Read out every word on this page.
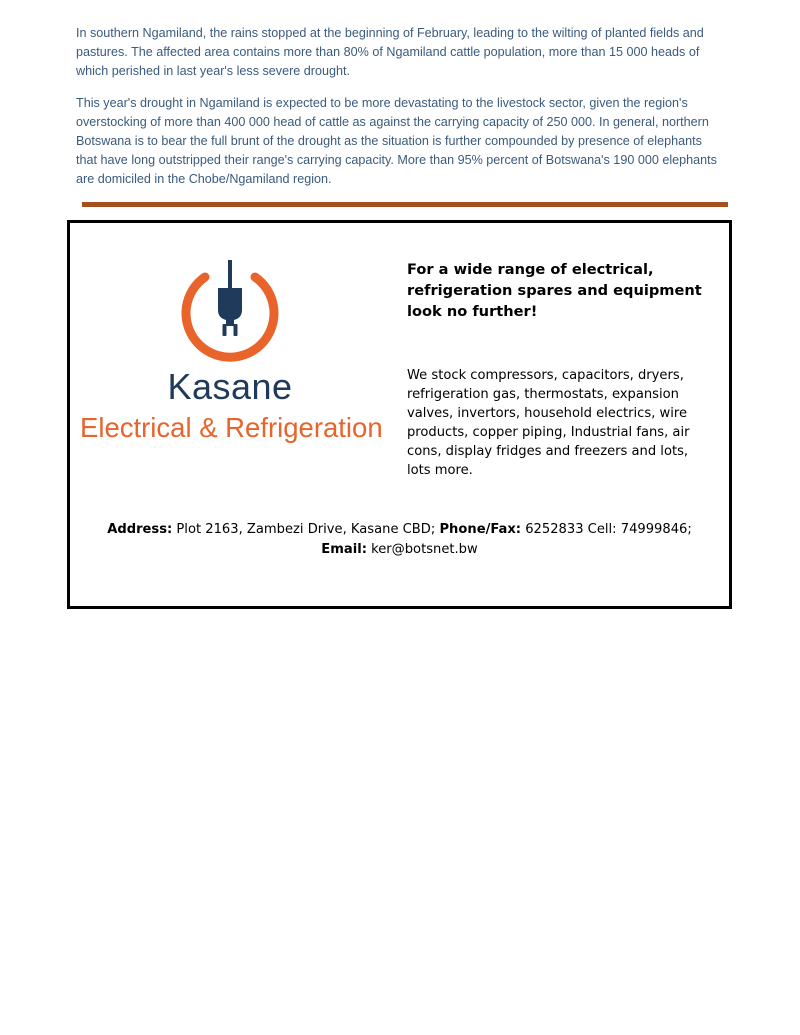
In southern Ngamiland, the rains stopped at the beginning of February, leading to the wilting of planted fields and pastures. The affected area contains more than 80% of Ngamiland cattle population, more than 15 000 heads of which perished in last year's less severe drought.

This year's drought in Ngamiland is expected to be more devastating to the livestock sector, given the region's overstocking of more than 400 000 head of cattle as against the carrying capacity of 250 000. In general, northern Botswana is to bear the full brunt of the drought as the situation is further compounded by presence of elephants that have long outstripped their range's carrying capacity. More than 95% percent of Botswana's 190 000 elephants are domiciled in the Chobe/Ngamiland region.

Kasane
Electrical & Refrigeration
For a wide range of electrical, refrigeration spares and equipment look no further!
We stock compressors, capacitors, dryers, refrigeration gas, thermostats, expansion valves, invertors, household electrics, wire products, copper piping, Industrial fans, air cons, display fridges and freezers and lots, lots more.
Address: Plot 2163, Zambezi Drive, Kasane CBD; Phone/Fax: 6252833 Cell: 74999846;
Email: ker@botsnet.bw
